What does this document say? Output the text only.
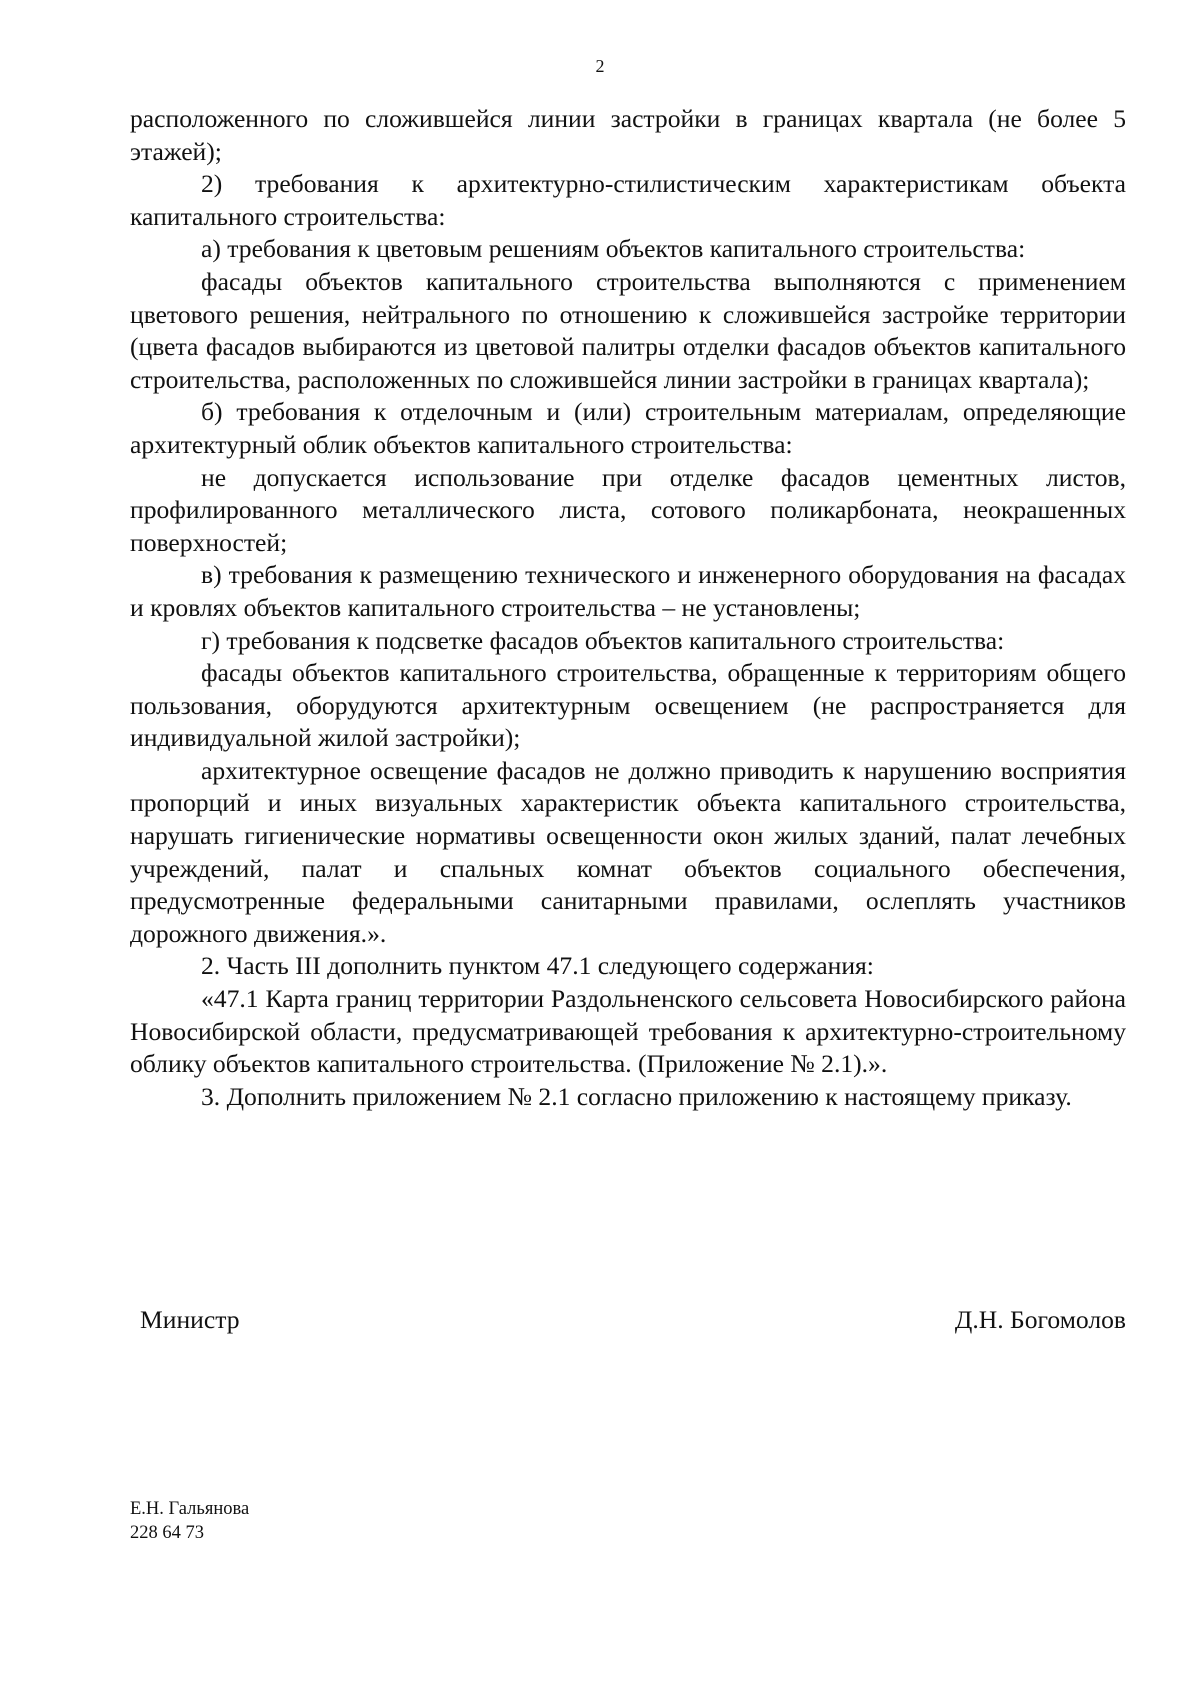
2

расположенного по сложившейся линии застройки в границах квартала (не более 5 этажей);

2) требования к архитектурно-стилистическим характеристикам объекта капитального строительства:

а) требования к цветовым решениям объектов капитального строительства:

фасады объектов капитального строительства выполняются с применением цветового решения, нейтрального по отношению к сложившейся застройке территории (цвета фасадов выбираются из цветовой палитры отделки фасадов объектов капитального строительства, расположенных по сложившейся линии застройки в границах квартала);

б) требования к отделочным и (или) строительным материалам, определяющие архитектурный облик объектов капитального строительства:

не допускается использование при отделке фасадов цементных листов, профилированного металлического листа, сотового поликарбоната, неокрашенных поверхностей;

в) требования к размещению технического и инженерного оборудования на фасадах и кровлях объектов капитального строительства – не установлены;

г) требования к подсветке фасадов объектов капитального строительства:

фасады объектов капитального строительства, обращенные к территориям общего пользования, оборудуются архитектурным освещением (не распространяется для индивидуальной жилой застройки);

архитектурное освещение фасадов не должно приводить к нарушению восприятия пропорций и иных визуальных характеристик объекта капитального строительства, нарушать гигиенические нормативы освещенности окон жилых зданий, палат лечебных учреждений, палат и спальных комнат объектов социального обеспечения, предусмотренные федеральными санитарными правилами, ослеплять участников дорожного движения.».

2. Часть III дополнить пунктом 47.1 следующего содержания:

«47.1 Карта границ территории Раздольненского сельсовета Новосибирского района Новосибирской области, предусматривающей требования к архитектурно-строительному облику объектов капитального строительства. (Приложение № 2.1).».

3. Дополнить приложением № 2.1 согласно приложению к настоящему приказу.

Министр	Д.Н. Богомолов
Е.Н. Гальянова
228 64 73
